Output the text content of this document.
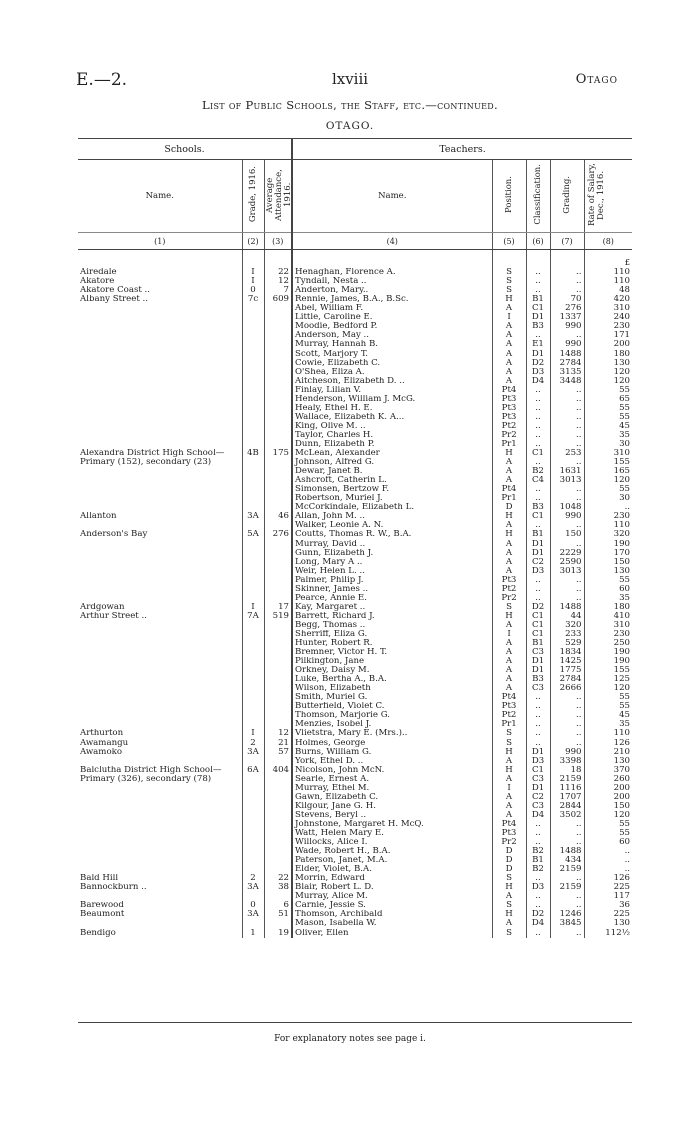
E.—2.	lxviii	Otago
List of Public Schools, the Staff, etc.—continued.
OTAGO.
Schools.			Teachers.				
Name.	Grade, 1916.	Average Attendance, 1916.	Name.	Position.	Classification.	Grading.	Rate of Salary, Dec., 1916.
(1)	(2)	(3)	(4)	(5)	(6)	(7)	(8)

							£
Airedale	I	22	Henaghan, Florence A.	S	..	..	110
Akatore	I	12	Tyndall, Nesta ..	S	..	..	110
Akatore Coast ..	0	7	Anderton, Mary..	S	..	..	48
Albany Street ..	7c	609	Rennie, James, B.A., B.Sc.	H	B1	70	420
			Abel, William F.	A	C1	276	310
			Little, Caroline E.	I	D1	1337	240
			Moodie, Bedford P.	A	B3	990	230
			Anderson, May ..	A	..	..	171
			Murray, Hannah B.	A	E1	990	200
			Scott, Marjory T.	A	D1	1488	180
			Cowie, Elizabeth C.	A	D2	2784	130
			O'Shea, Eliza A.	A	D3	3135	120
			Aitcheson, Elizabeth D. ..	A	D4	3448	120
			Finlay, Lilian V.	Pt4	..	..	55
			Henderson, William J. McG.	Pt3	..	..	65
			Healy, Ethel H. E.	Pt3	..	..	55
			Wallace, Elizabeth K. A...	Pt3	..	..	55
			King, Olive M. ..	Pt2	..	..	45
			Taylor, Charles H.	Pr2	..	..	35
			Dunn, Elizabeth P.	Pr1	..	..	30
Alexandra District High School—	4B	175	McLean, Alexander	H	C1	253	310
Primary (152), secondary (23)			Johnson, Alfred G.	A	..	..	155
			Dewar, Janet B.	A	B2	1631	165
			Ashcroft, Catherin L.	A	C4	3013	120
			Simonsen, Bertzow F.	Pt4	..	..	55
			Robertson, Muriel J.	Pr1	..	..	30
			McCorkindale, Elizabeth L.	D	B3	1048	..
Allanton	3A	46	Allan, John M. ..	H	C1	990	230
			Walker, Leonie A. N.	A	..	..	110
Anderson's Bay	5A	276	Coutts, Thomas R. W., B.A.	H	B1	150	320
			Murray, David ..	A	D1	..	190
			Gunn, Elizabeth J.	A	D1	2229	170
			Long, Mary A ..	A	C2	2590	150
			Weir, Helen L. ..	A	D3	3013	130
			Palmer, Philip J.	Pt3	..	..	55
			Skinner, James ..	Pt2	..	..	60
			Pearce, Annie E.	Pr2	..	..	35
Ardgowan	I	17	Kay, Margaret ..	S	D2	1488	180
Arthur Street ..	7A	519	Barrett, Richard J.	H	C1	44	410
			Begg, Thomas ..	A	C1	320	310
			Sherriff, Eliza G.	I	C1	233	230
			Hunter, Robert R.	A	B1	529	250
			Bremner, Victor H. T.	A	C3	1834	190
			Pilkington, Jane	A	D1	1425	190
			Orkney, Daisy M.	A	D1	1775	155
			Luke, Bertha A., B.A.	A	B3	2784	125
			Wilson, Elizabeth	A	C3	2666	120
			Smith, Muriel G.	Pt4	..	..	55
			Butterfield, Violet C.	Pt3	..	..	55
			Thomson, Marjorie G.	Pt2	..	..	45
			Menzies, Isobel J.	Pr1	..	..	35
Arthurton	I	12	Vlietstra, Mary E. (Mrs.)..	S	..	..	110
Awamangu	2	21	Holmes, George	S	..	..	126
Awamoko	3A	57	Burns, William G.	H	D1	990	210
			York, Ethel D. ..	A	D3	3398	130
Balclutha District High School—	6A	404	Nicolson, John McN.	H	C1	18	370
Primary (326), secondary (78)			Searle, Ernest A.	A	C3	2159	260
			Murray, Ethel M.	I	D1	1116	200
			Gawn, Elizabeth C.	A	C2	1707	200
			Kilgour, Jane G. H.	A	C3	2844	150
			Stevens, Beryl ..	A	D4	3502	120
			Johnstone, Margaret H. McQ.	Pt4	..	..	55
			Watt, Helen Mary E.	Pt3	..	..	55
			Willocks, Alice I.	Pr2	..	..	60
			Wade, Robert H., B.A.	D	B2	1488	..
			Paterson, Janet, M.A.	D	B1	434	..
			Elder, Violet, B.A.	D	B2	2159	..
Bald Hill	2	22	Morrin, Edward	S	..	..	126
Bannockburn ..	3A	38	Blair, Robert L. D.	H	D3	2159	225
			Murray, Alice M.	A	..	..	117
Barewood	0	6	Carnie, Jessie S.	S	..	..	36
Beaumont	3A	51	Thomson, Archibald	H	D2	1246	225
			Mason, Isabella W.	A	D4	3845	130
Bendigo	1	19	Oliver, Ellen	S	..	..	112½
For explanatory notes see page i.
